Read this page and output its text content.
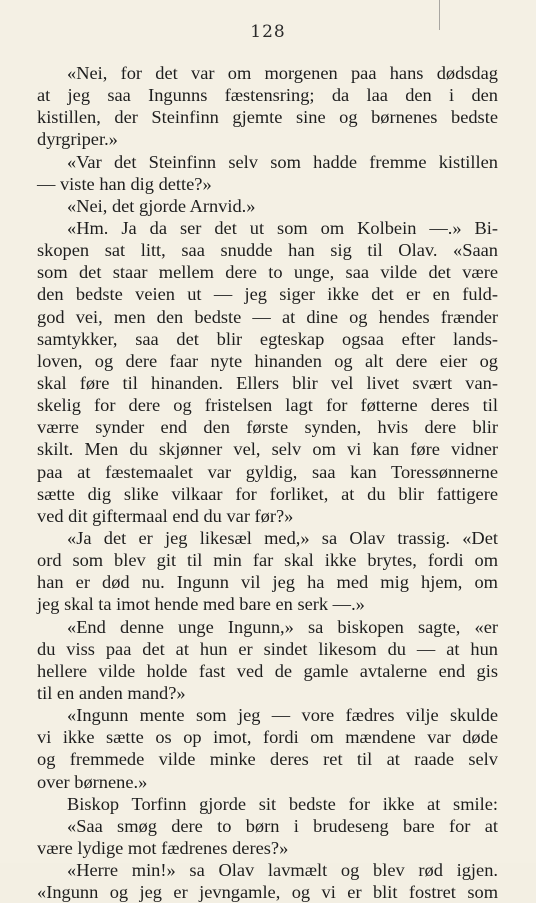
128
«Nei, for det var om morgenen paa hans dødsdag
at jeg saa Ingunns fæstensring; da laa den i den
kistillen, der Steinfinn gjemte sine og børnenes bedste
dyrgriper.»
«Var det Steinfinn selv som hadde fremme kistillen
— viste han dig dette?»
«Nei, det gjorde Arnvid.»
«Hm. Ja da ser det ut som om Kolbein —.» Bi-
skopen sat litt, saa snudde han sig til Olav. «Saan
som det staar mellem dere to unge, saa vilde det være
den bedste veien ut — jeg siger ikke det er en fuld-
god vei, men den bedste — at dine og hendes frænder
samtykker, saa det blir egteskap ogsaa efter lands-
loven, og dere faar nyte hinanden og alt dere eier og
skal føre til hinanden. Ellers blir vel livet svært van-
skelig for dere og fristelsen lagt for føtterne deres til
værre synder end den første synden, hvis dere blir
skilt. Men du skjønner vel, selv om vi kan føre vidner
paa at fæstemaalet var gyldig, saa kan Toressønnerne
sætte dig slike vilkaar for forliket, at du blir fattigere
ved dit giftermaal end du var før?»
«Ja det er jeg likesæl med,» sa Olav trassig. «Det
ord som blev git til min far skal ikke brytes, fordi om
han er død nu. Ingunn vil jeg ha med mig hjem, om
jeg skal ta imot hende med bare en serk —.»
«End denne unge Ingunn,» sa biskopen sagte, «er
du viss paa det at hun er sindet likesom du — at hun
hellere vilde holde fast ved de gamle avtalerne end gis
til en anden mand?»
«Ingunn mente som jeg — vore fædres vilje skulde
vi ikke sætte os op imot, fordi om mændene var døde
og fremmede vilde minke deres ret til at raade selv
over børnene.»
Biskop Torfinn gjorde sit bedste for ikke at smile:
«Saa smøg dere to børn i brudeseng bare for at
være lydige mot fædrenes deres?»
«Herre min!» sa Olav lavmælt og blev rød igjen.
«Ingunn og jeg er jevngamle, og vi er blit fostret som
